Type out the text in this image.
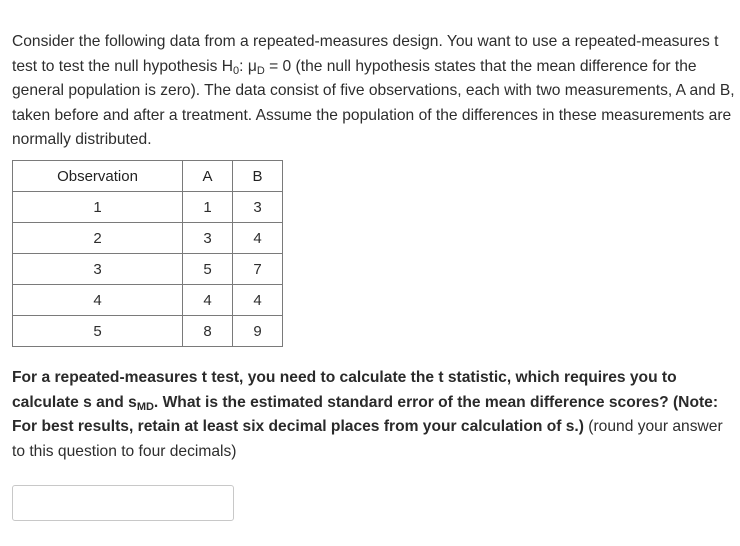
Consider the following data from a repeated-measures design. You want to use a repeated-measures t test to test the null hypothesis $H_0$: $\mu_D = 0$ (the null hypothesis states that the mean difference for the general population is zero). The data consist of five observations, each with two measurements, A and B, taken before and after a treatment. Assume the population of the differences in these measurements are normally distributed.

Observation	A	B
1	1	3
2	3	4
3	5	7
4	4	4
5	8	9

For a repeated-measures t test, you need to calculate the t statistic, which requires you to calculate s and $s_{MD}$. What is the estimated standard error of the mean difference scores? (Note: For best results, retain at least six decimal places from your calculation of s.) (round your answer to this question to four decimals)
